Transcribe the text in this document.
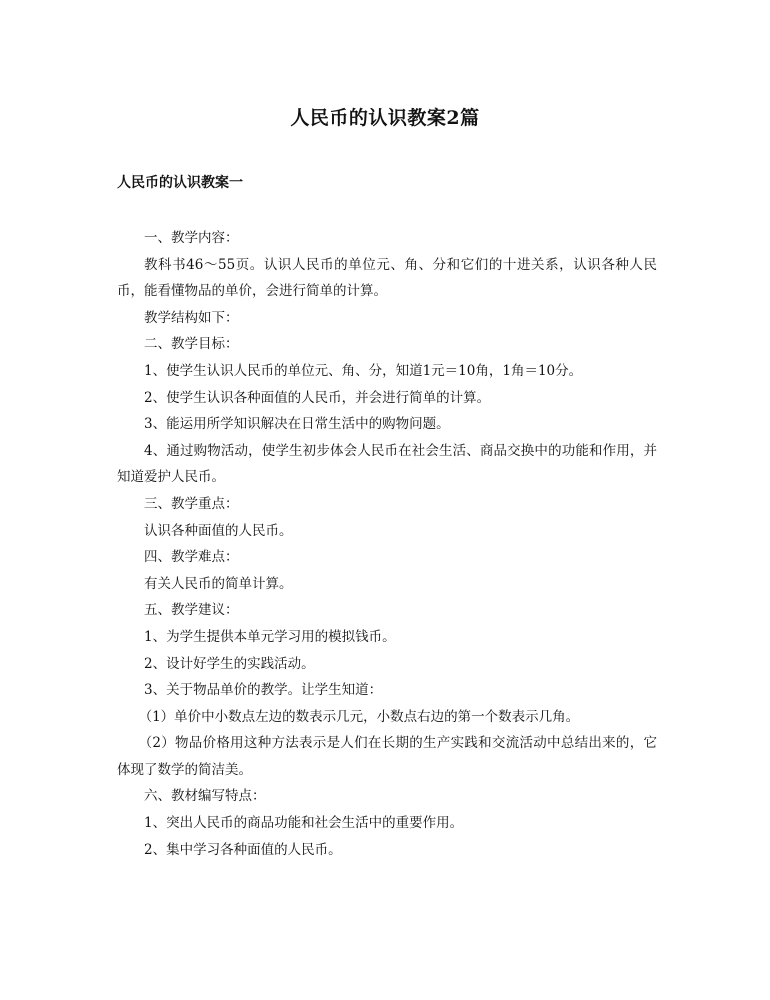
人民币的认识教案2篇
人民币的认识教案一

一、教学内容：

教科书46～55页。认识人民币的单位元、角、分和它们的十进关系，认识各种人民币，能看懂物品的单价，会进行简单的计算。

教学结构如下：

二、教学目标：

1、使学生认识人民币的单位元、角、分，知道1元＝10角，1角＝10分。

2、使学生认识各种面值的人民币，并会进行简单的计算。

3、能运用所学知识解决在日常生活中的购物问题。

4、通过购物活动，使学生初步体会人民币在社会生活、商品交换中的功能和作用，并知道爱护人民币。

三、教学重点：

认识各种面值的人民币。

四、教学难点：

有关人民币的简单计算。

五、教学建议：

1、为学生提供本单元学习用的模拟钱币。

2、设计好学生的实践活动。

3、关于物品单价的教学。让学生知道：

（1）单价中小数点左边的数表示几元，小数点右边的第一个数表示几角。

（2）物品价格用这种方法表示是人们在长期的生产实践和交流活动中总结出来的，它体现了数学的简洁美。

六、教材编写特点：

1、突出人民币的商品功能和社会生活中的重要作用。

2、集中学习各种面值的人民币。
